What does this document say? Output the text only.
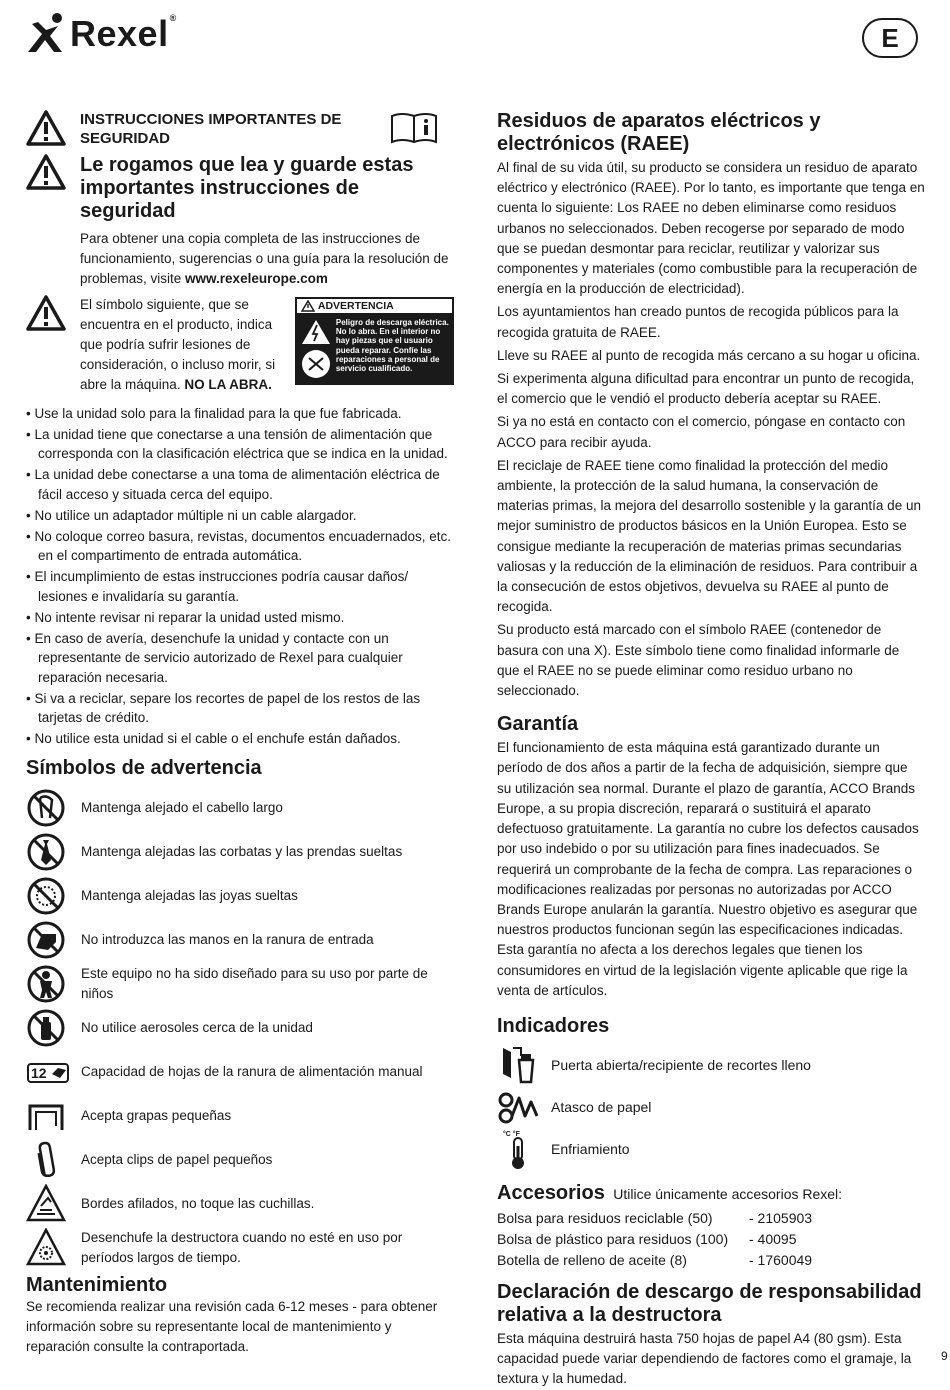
Rexel®
E
INSTRUCCIONES IMPORTANTES DE SEGURIDAD
Le rogamos que lea y guarde estas importantes instrucciones de seguridad

Para obtener una copia completa de las instrucciones de funcionamiento, sugerencias o una guía para la resolución de problemas, visite www.rexeleurope.com

El símbolo siguiente, que se encuentra en el producto, indica que podría sufrir lesiones de consideración, o incluso morir, si abre la máquina. NO LA ABRA.

ADVERTENCIA
Peligro de descarga eléctrica. No lo abra. En el interior no hay piezas que el usuario pueda reparar. Confíe las reparaciones a personal de servicio cualificado.
• Use la unidad solo para la finalidad para la que fue fabricada.
• La unidad tiene que conectarse a una tensión de alimentación que corresponda con la clasificación eléctrica que se indica en la unidad.
• La unidad debe conectarse a una toma de alimentación eléctrica de fácil acceso y situada cerca del equipo.
• No utilice un adaptador múltiple ni un cable alargador.
• No coloque correo basura, revistas, documentos encuadernados, etc. en el compartimento de entrada automática.
• El incumplimiento de estas instrucciones podría causar daños/ lesiones e invalidaría su garantía.
• No intente revisar ni reparar la unidad usted mismo.
• En caso de avería, desenchufe la unidad y contacte con un representante de servicio autorizado de Rexel para cualquier reparación necesaria.
• Si va a reciclar, separe los recortes de papel de los restos de las tarjetas de crédito.
• No utilice esta unidad si el cable o el enchufe están dañados.
Símbolos de advertencia
Mantenga alejado el cabello largo
Mantenga alejadas las corbatas y las prendas sueltas
Mantenga alejadas las joyas sueltas
No introduzca las manos en la ranura de entrada
Este equipo no ha sido diseñado para su uso por parte de niños
No utilice aerosoles cerca de la unidad
12	Capacidad de hojas de la ranura de alimentación manual
Acepta grapas pequeñas
Acepta clips de papel pequeños
Bordes afilados, no toque las cuchillas.
Desenchufe la destructora cuando no esté en uso por períodos largos de tiempo.
Mantenimiento

Se recomienda realizar una revisión cada 6-12 meses - para obtener información sobre su representante local de mantenimiento y reparación consulte la contraportada.

Residuos de aparatos eléctricos y electrónicos (RAEE)

Al final de su vida útil, su producto se considera un residuo de aparato eléctrico y electrónico (RAEE). Por lo tanto, es importante que tenga en cuenta lo siguiente: Los RAEE no deben eliminarse como residuos urbanos no seleccionados. Deben recogerse por separado de modo que se puedan desmontar para reciclar, reutilizar y valorizar sus componentes y materiales (como combustible para la recuperación de energía en la producción de electricidad).

Los ayuntamientos han creado puntos de recogida públicos para la recogida gratuita de RAEE.

Lleve su RAEE al punto de recogida más cercano a su hogar u oficina.

Si experimenta alguna dificultad para encontrar un punto de recogida, el comercio que le vendió el producto debería aceptar su RAEE.

Si ya no está en contacto con el comercio, póngase en contacto con ACCO para recibir ayuda.

El reciclaje de RAEE tiene como finalidad la protección del medio ambiente, la protección de la salud humana, la conservación de materias primas, la mejora del desarrollo sostenible y la garantía de un mejor suministro de productos básicos en la Unión Europea. Esto se consigue mediante la recuperación de materias primas secundarias valiosas y la reducción de la eliminación de residuos. Para contribuir a la consecución de estos objetivos, devuelva su RAEE al punto de recogida.

Su producto está marcado con el símbolo RAEE (contenedor de basura con una X). Este símbolo tiene como finalidad informarle de que el RAEE no se puede eliminar como residuo urbano no seleccionado.

Garantía

El funcionamiento de esta máquina está garantizado durante un período de dos años a partir de la fecha de adquisición, siempre que su utilización sea normal. Durante el plazo de garantía, ACCO Brands Europe, a su propia discreción, reparará o sustituirá el aparato defectuoso gratuitamente. La garantía no cubre los defectos causados por uso indebido o por su utilización para fines inadecuados. Se requerirá un comprobante de la fecha de compra. Las reparaciones o modificaciones realizadas por personas no autorizadas por ACCO Brands Europe anularán la garantía. Nuestro objetivo es asegurar que nuestros productos funcionan según las especificaciones indicadas. Esta garantía no afecta a los derechos legales que tienen los consumidores en virtud de la legislación vigente aplicable que rige la venta de artículos.

Indicadores
Puerta abierta/recipiente de recortes lleno
Atasco de papel
°C °F
Enfriamiento
Accesorios Utilice únicamente accesorios Rexel:
Bolsa para residuos reciclable (50)	- 2105903
Bolsa de plástico para residuos (100)	- 40095
Botella de relleno de aceite (8)	- 1760049
Declaración de descargo de responsabilidad relativa a la destructora

Esta máquina destruirá hasta 750 hojas de papel A4 (80 gsm). Esta capacidad puede variar dependiendo de factores como el gramaje, la textura y la humedad.

9
